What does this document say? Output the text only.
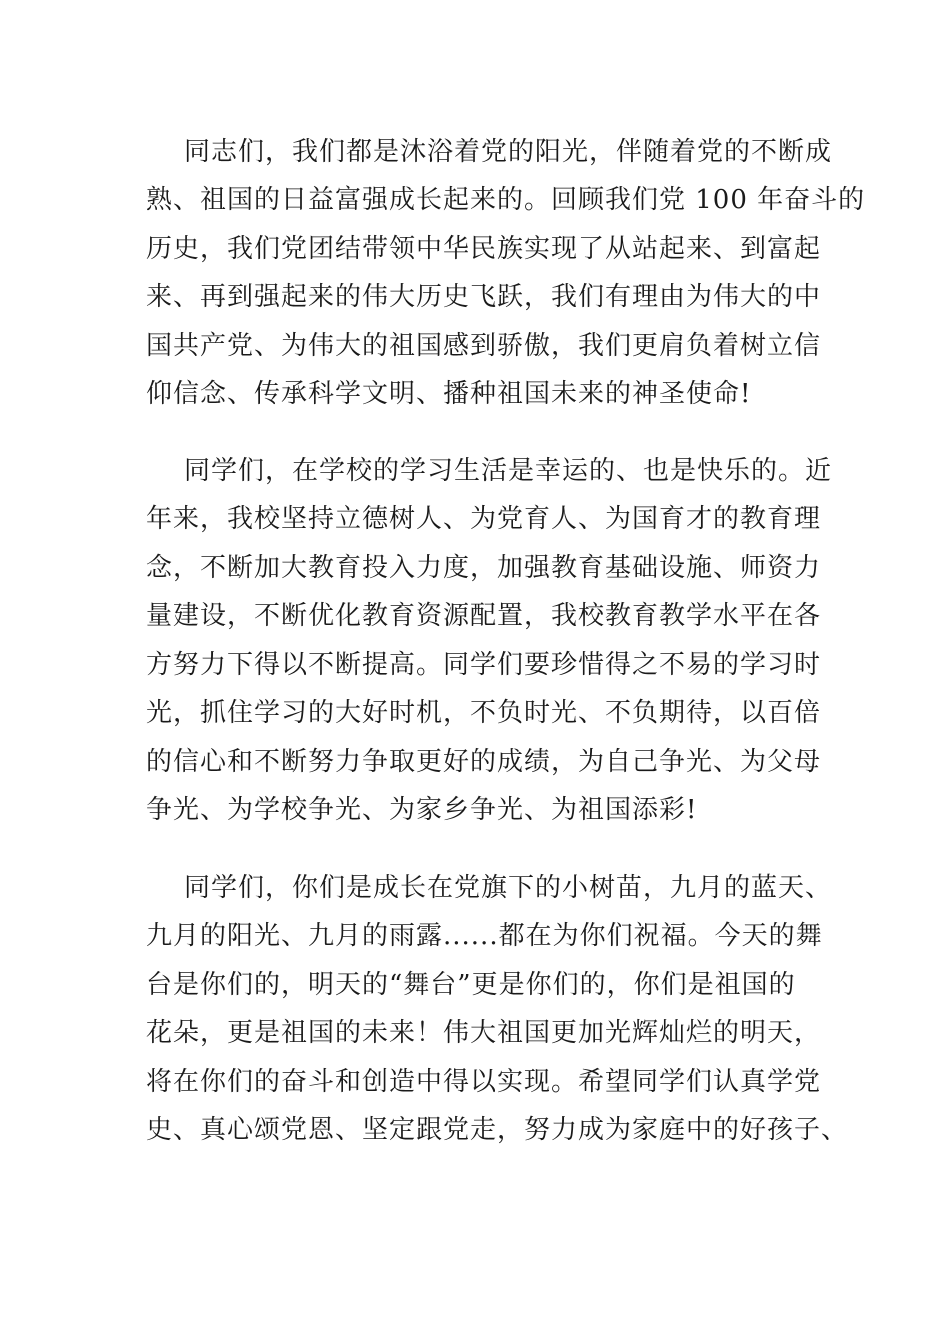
同志们，我们都是沐浴着党的阳光，伴随着党的不断成
熟、祖国的日益富强成长起来的。回顾我们党 100 年奋斗的
历史，我们党团结带领中华民族实现了从站起来、到富起
来、再到强起来的伟大历史飞跃，我们有理由为伟大的中
国共产党、为伟大的祖国感到骄傲，我们更肩负着树立信
仰信念、传承科学文明、播种祖国未来的神圣使命!
同学们，在学校的学习生活是幸运的、也是快乐的。近
年来，我校坚持立德树人、为党育人、为国育才的教育理
念，不断加大教育投入力度，加强教育基础设施、师资力
量建设，不断优化教育资源配置，我校教育教学水平在各
方努力下得以不断提高。同学们要珍惜得之不易的学习时
光，抓住学习的大好时机，不负时光、不负期待，以百倍
的信心和不断努力争取更好的成绩，为自己争光、为父母
争光、为学校争光、为家乡争光、为祖国添彩!
同学们，你们是成长在党旗下的小树苗，九月的蓝天、
九月的阳光、九月的雨露......都在为你们祝福。今天的舞
台是你们的，明天的“舞台”更是你们的，你们是祖国的
花朵，更是祖国的未来！伟大祖国更加光辉灿烂的明天，
将在你们的奋斗和创造中得以实现。希望同学们认真学党
史、真心颂党恩、坚定跟党走，努力成为家庭中的好孩子、
